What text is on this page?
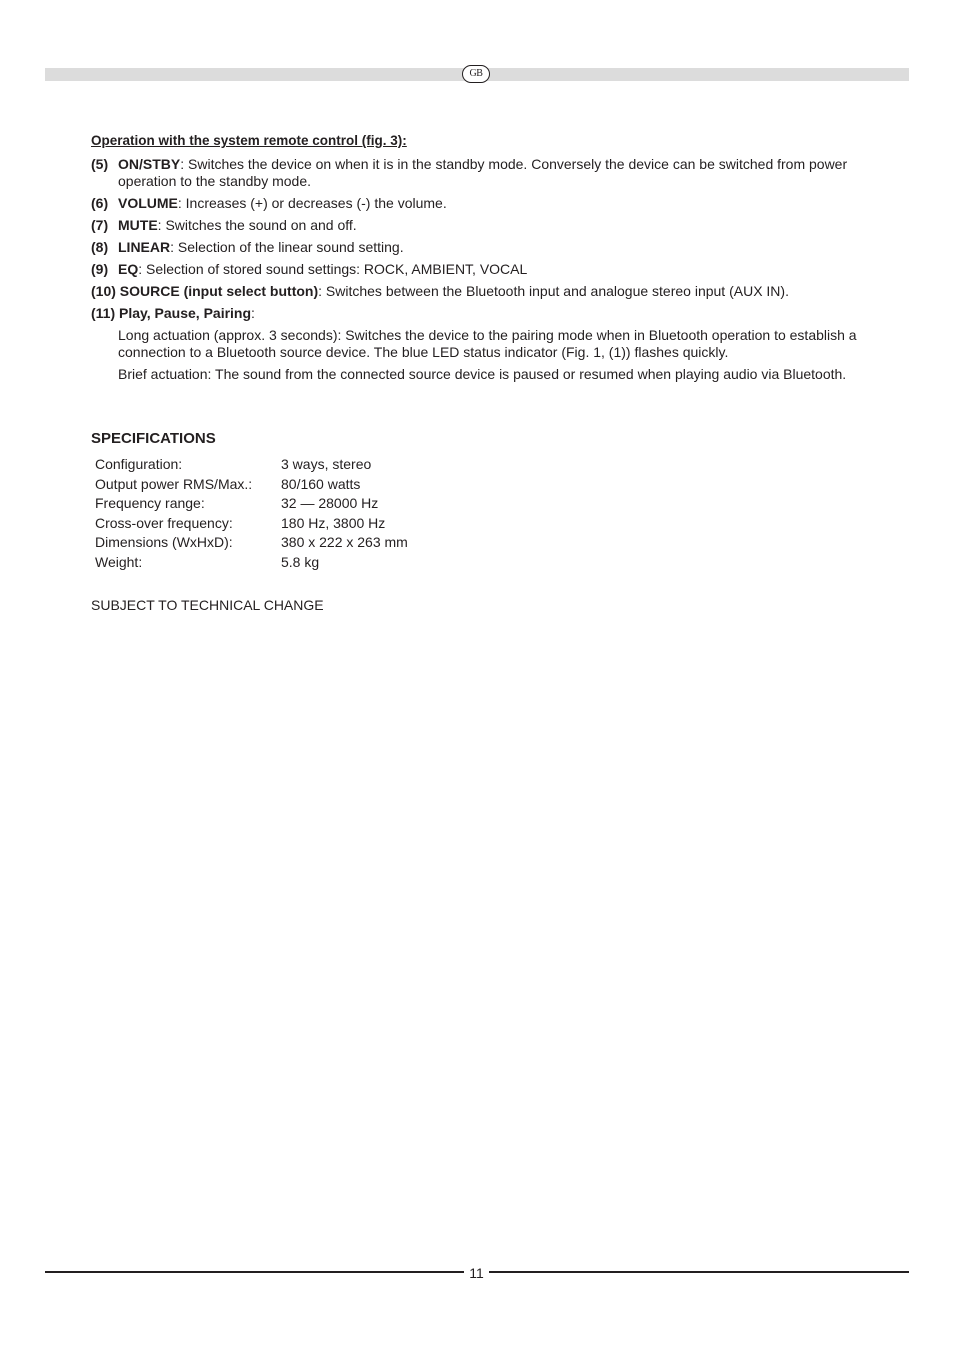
GB
Operation with the system remote control (fig. 3):
(5) ON/STBY: Switches the device on when it is in the standby mode. Conversely the device can be switched from power operation to the standby mode.
(6) VOLUME: Increases (+) or decreases (-) the volume.
(7) MUTE: Switches the sound on and off.
(8) LINEAR: Selection of the linear sound setting.
(9) EQ: Selection of stored sound settings: ROCK, AMBIENT, VOCAL
(10) SOURCE (input select button): Switches between the Bluetooth input and analogue stereo input (AUX IN).
(11) Play, Pause, Pairing:
Long actuation (approx. 3 seconds): Switches the device to the pairing mode when in Bluetooth operation to establish a connection to a Bluetooth source device. The blue LED status indicator (Fig. 1, (1)) flashes quickly.
Brief actuation: The sound from the connected source device is paused or resumed when playing audio via Bluetooth.
SPECIFICATIONS
Configuration:	3 ways, stereo
Output power RMS/Max.:	80/160 watts
Frequency range:	32 — 28000 Hz
Cross-over frequency:	180 Hz, 3800 Hz
Dimensions (WxHxD):	380 x 222 x 263 mm
Weight:	5.8 kg
SUBJECT TO TECHNICAL CHANGE
11
